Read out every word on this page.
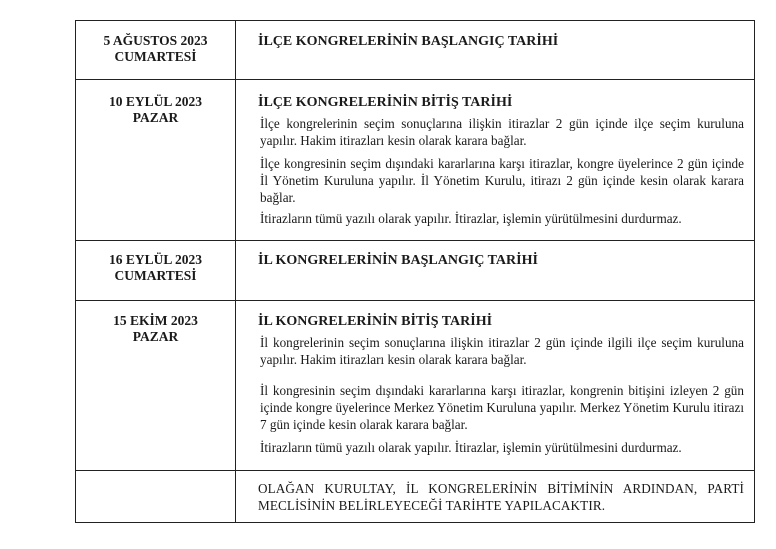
5 AĞUSTOS 2023
CUMARTESİ

İLÇE KONGRELERİNİN BAŞLANGIÇ TARİHİ

10 EYLÜL 2023
PAZAR

İLÇE KONGRELERİNİN BİTİŞ TARİHİ

İlçe kongrelerinin seçim sonuçlarına ilişkin itirazlar 2 gün içinde ilçe seçim kuruluna yapılır. Hakim itirazları kesin olarak karara bağlar.

İlçe kongresinin seçim dışındaki kararlarına karşı itirazlar, kongre üyelerince 2 gün içinde İl Yönetim Kuruluna yapılır. İl Yönetim Kurulu, itirazı 2 gün içinde kesin olarak karara bağlar.

İtirazların tümü yazılı olarak yapılır. İtirazlar, işlemin yürütülmesini durdurmaz.

16 EYLÜL 2023
CUMARTESİ

İL KONGRELERİNİN BAŞLANGIÇ TARİHİ

15 EKİM 2023
PAZAR

İL KONGRELERİNİN BİTİŞ TARİHİ

İl kongrelerinin seçim sonuçlarına ilişkin itirazlar 2 gün içinde ilgili ilçe seçim kuruluna yapılır. Hakim itirazları kesin olarak karara bağlar.

İl kongresinin seçim dışındaki kararlarına karşı itirazlar, kongrenin bitişini izleyen 2 gün içinde kongre üyelerince Merkez Yönetim Kuruluna yapılır. Merkez Yönetim Kurulu itirazı 7 gün içinde kesin olarak karara bağlar.

İtirazların tümü yazılı olarak yapılır. İtirazlar, işlemin yürütülmesini durdurmaz.

OLAĞAN KURULTAY, İL KONGRELERİNİN BİTİMİNİN ARDINDAN, PARTİ MECLİSİNİN BELİRLEYECEĞİ TARİHTE YAPILACAKTIR.
